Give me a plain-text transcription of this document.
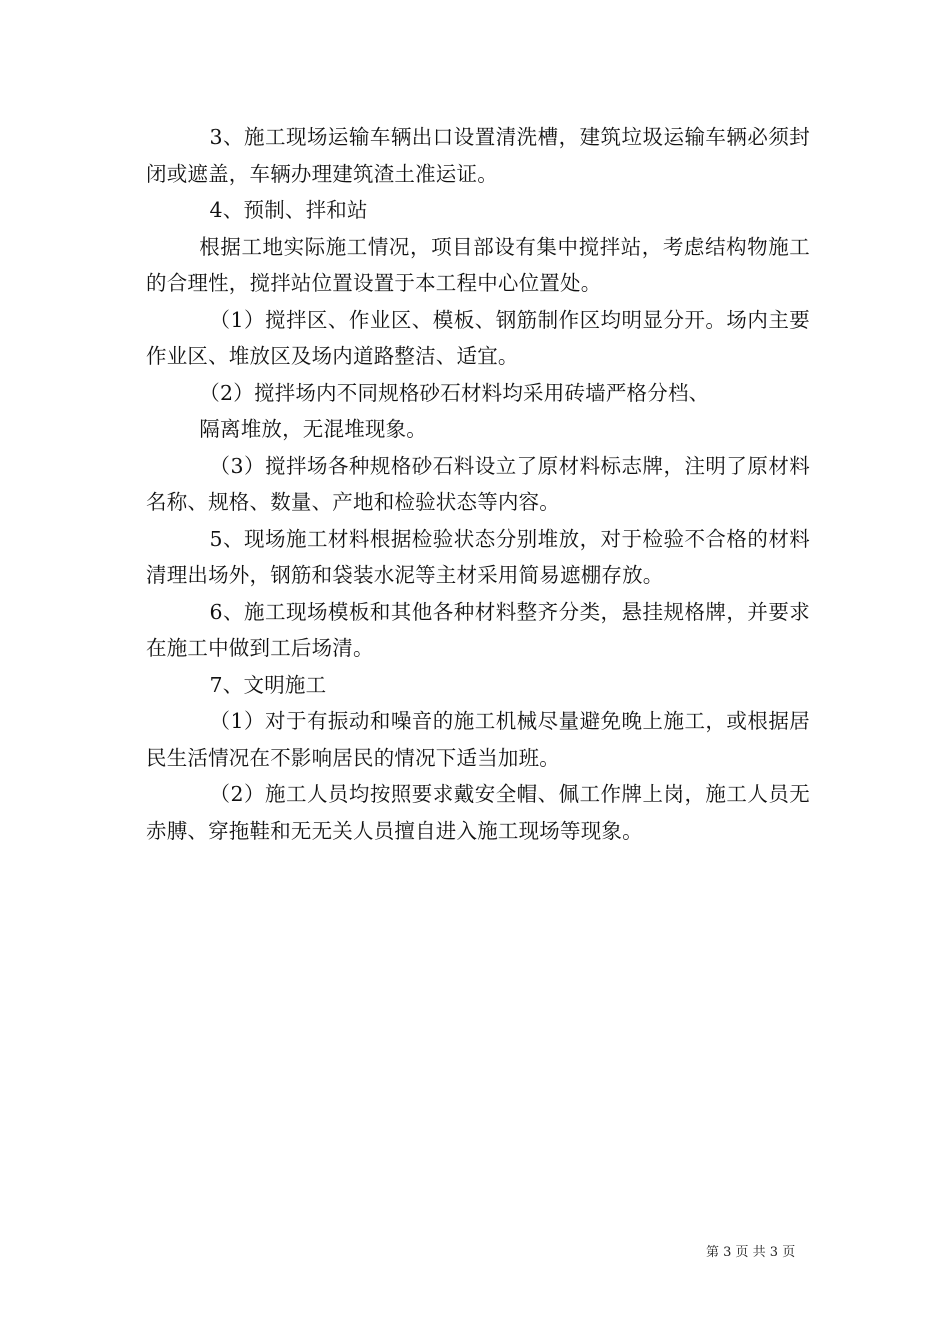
3、施工现场运输车辆出口设置清洗槽，建筑垃圾运输车辆必须封闭或遮盖，车辆办理建筑渣土准运证。

4、预制、拌和站

根据工地实际施工情况，项目部设有集中搅拌站，考虑结构物施工的合理性，搅拌站位置设置于本工程中心位置处。

（1）搅拌区、作业区、模板、钢筋制作区均明显分开。场内主要作业区、堆放区及场内道路整洁、适宜。

（2）搅拌场内不同规格砂石材料均采用砖墙严格分档、

隔离堆放，无混堆现象。

（3）搅拌场各种规格砂石料设立了原材料标志牌，注明了原材料名称、规格、数量、产地和检验状态等内容。

5、现场施工材料根据检验状态分别堆放，对于检验不合格的材料清理出场外，钢筋和袋装水泥等主材采用简易遮棚存放。

6、施工现场模板和其他各种材料整齐分类，悬挂规格牌，并要求在施工中做到工后场清。

7、文明施工

（1）对于有振动和噪音的施工机械尽量避免晚上施工，或根据居民生活情况在不影响居民的情况下适当加班。

（2）施工人员均按照要求戴安全帽、佩工作牌上岗，施工人员无赤膊、穿拖鞋和无无关人员擅自进入施工现场等现象。

第 3 页 共 3 页
